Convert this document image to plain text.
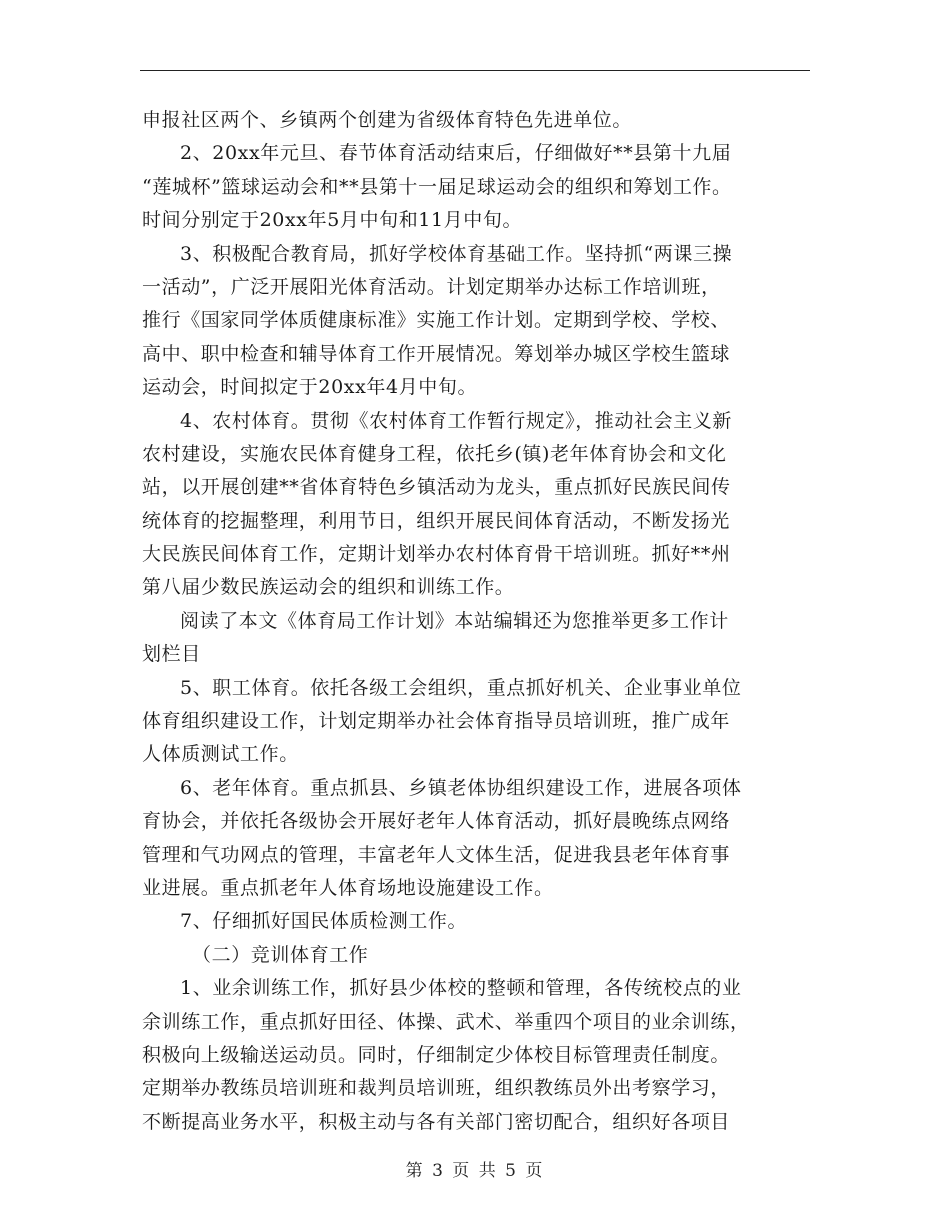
申报社区两个、乡镇两个创建为省级体育特色先进单位。
2、20xx年元旦、春节体育活动结束后，仔细做好**县第十九届
“莲城杯”篮球运动会和**县第十一届足球运动会的组织和筹划工作。
时间分别定于20xx年5月中旬和11月中旬。
3、积极配合教育局，抓好学校体育基础工作。坚持抓“两课三操
一活动”，广泛开展阳光体育活动。计划定期举办达标工作培训班，
推行《国家同学体质健康标准》实施工作计划。定期到学校、学校、
高中、职中检查和辅导体育工作开展情况。筹划举办城区学校生篮球
运动会，时间拟定于20xx年4月中旬。
4、农村体育。贯彻《农村体育工作暂行规定》，推动社会主义新
农村建设，实施农民体育健身工程，依托乡(镇)老年体育协会和文化
站，以开展创建**省体育特色乡镇活动为龙头，重点抓好民族民间传
统体育的挖掘整理，利用节日，组织开展民间体育活动，不断发扬光
大民族民间体育工作，定期计划举办农村体育骨干培训班。抓好**州
第八届少数民族运动会的组织和训练工作。
阅读了本文《体育局工作计划》本站编辑还为您推举更多工作计
划栏目
5、职工体育。依托各级工会组织，重点抓好机关、企业事业单位
体育组织建设工作，计划定期举办社会体育指导员培训班，推广成年
人体质测试工作。
6、老年体育。重点抓县、乡镇老体协组织建设工作，进展各项体
育协会，并依托各级协会开展好老年人体育活动，抓好晨晚练点网络
管理和气功网点的管理，丰富老年人文体生活，促进我县老年体育事
业进展。重点抓老年人体育场地设施建设工作。
7、仔细抓好国民体质检测工作。
（二）竞训体育工作
1、业余训练工作，抓好县少体校的整顿和管理，各传统校点的业
余训练工作，重点抓好田径、体操、武术、举重四个项目的业余训练，
积极向上级输送运动员。同时，仔细制定少体校目标管理责任制度。
定期举办教练员培训班和裁判员培训班，组织教练员外出考察学习，
不断提高业务水平，积极主动与各有关部门密切配合，组织好各项目
第 3 页 共 5 页
